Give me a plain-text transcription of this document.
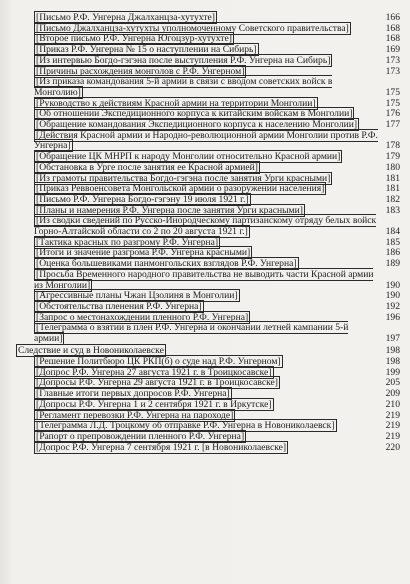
[Письмо Р.Ф. Унгерна Джалханцза-хутухте]	166
[Письмо Джалханцза-хутухты уполномоченному Советского правительства]	168
[Второе письмо Р.Ф. Унгерна Югоцзур-хутухте]	168
[Приказ Р.Ф. Унгерна № 15 о наступлении на Сибирь]	169
[Из интервью Богдо-гэгэна после выступления Р.Ф. Унгерна на Сибирь]	173
[Причины расхождения монголов с Р.Ф. Унгерном]	173
[Из приказа командования 5-й армии в связи с вводом советских войск в Монголию]	175
[Руководство к действиям Красной армии на территории Монголии]	175
[Об отношении Экспедиционного корпуса к китайским войскам в Монголии]	176
[Обращение командования Экспедиционного корпуса к населению Монголии]	177
[Действия Красной армии и Народно-революционной армии Монголии против Р.Ф. Унгерна]	178
[Обращение ЦК МНРП к народу Монголии относительно Красной армии]	179
[Обстановка в Урге после занятия ее Красной армией]	180
[Из грамоты правительства Богдо-гэгэна после занятия Урги красными]	181
[Приказ Реввоенсовета Монгольской армии о разоружении населения]	181
[Письмо Р.Ф. Унгерна Богдо-гэгэну 19 июля 1921 г.]	182
[Планы и намерения Р.Ф. Унгерна после занятия Урги красными]	183
[Из сводки сведений по Русско-Инородческому партизанскому отряду белых войск Горно-Алтайской области со 2 по 20 августа 1921 г.]	184
[Тактика красных по разгрому Р.Ф. Унгерна]	185
[Итоги и значение разгрома Р.Ф. Унгерна красными]	186
[Оценка большевиками панмонгольских взглядов Р.Ф. Унгерна]	189
[Просьба Временного народного правительства не выводить части Красной армии из Монголии]	190
[Агрессивные планы Чжан Цзолиня в Монголии]	190
[Обстоятельства пленения Р.Ф. Унгерна]	192
[Запрос о местонахождении пленного Р.Ф. Унгерна]	196
[Телеграмма о взятии в плен Р.Ф. Унгерна и окончании летней кампании 5-й армии]	197
Следствие и суд в Новониколаевске	198
[Решение Политбюро ЦК РКП(б) о суде над Р.Ф. Унгерном]	198
[Допрос Р.Ф. Унгерна 27 августа 1921 г. в Троицкосавске]	199
[Допросы Р.Ф. Унгерна 29 августа 1921 г. в Троицкосавске]	205
[Главные итоги первых допросов Р.Ф. Унгерна]	209
[Допросы Р.Ф. Унгерна 1 и 2 сентября 1921 г. в Иркутске]	210
[Регламент перевозки Р.Ф. Унгерна на пароходе]	219
[Телеграмма Л.Д. Троцкому об отправке Р.Ф. Унгерна в Новониколаевск]	219
[Рапорт о препровождении пленного Р.Ф. Унгерна]	219
[Допрос Р.Ф. Унгерна 7 сентября 1921 г. [в Новониколаевске]	220
